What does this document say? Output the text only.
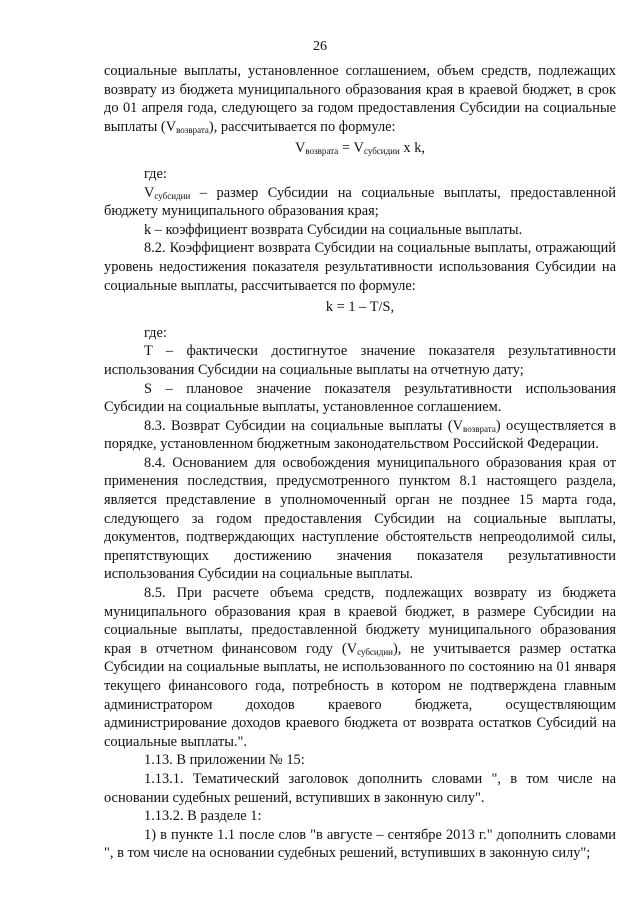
26

социальные выплаты, установленное соглашением, объем средств, подлежащих возврату из бюджета муниципального образования края в краевой бюджет, в срок до 01 апреля года, следующего за годом предоставления Субсидии на социальные выплаты $(V_{возврата})$, рассчитывается по формуле:

$V_{возврата} = V_{субсидии}$ x k,

где:

$V_{субсидии}$ – размер Субсидии на социальные выплаты, предоставленной бюджету муниципального образования края;

k – коэффициент возврата Субсидии на социальные выплаты.

8.2. Коэффициент возврата Субсидии на социальные выплаты, отражающий уровень недостижения показателя результативности использования Субсидии на социальные выплаты, рассчитывается по формуле:

k = 1 – T/S,

где:

T – фактически достигнутое значение показателя результативности использования Субсидии на социальные выплаты на отчетную дату;

S – плановое значение показателя результативности использования Субсидии на социальные выплаты, установленное соглашением.

8.3. Возврат Субсидии на социальные выплаты $(V_{возврата})$ осуществляется в порядке, установленном бюджетным законодательством Российской Федерации.

8.4. Основанием для освобождения муниципального образования края от применения последствия, предусмотренного пунктом 8.1 настоящего раздела, является представление в уполномоченный орган не позднее 15 марта года, следующего за годом предоставления Субсидии на социальные выплаты, документов, подтверждающих наступление обстоятельств непреодолимой силы, препятствующих достижению значения показателя результативности использования Субсидии на социальные выплаты.

8.5. При расчете объема средств, подлежащих возврату из бюджета муниципального образования края в краевой бюджет, в размере Субсидии на социальные выплаты, предоставленной бюджету муниципального образования края в отчетном финансовом году $(V_{субсидии})$, не учитывается размер остатка Субсидии на социальные выплаты, не использованного по состоянию на 01 января текущего финансового года, потребность в котором не подтверждена главным администратором доходов краевого бюджета, осуществляющим администрирование доходов краевого бюджета от возврата остатков Субсидий на социальные выплаты.".

1.13. В приложении № 15:

1.13.1. Тематический заголовок дополнить словами ", в том числе на основании судебных решений, вступивших в законную силу".

1.13.2. В разделе 1:

1) в пункте 1.1 после слов "в августе – сентябре 2013 г." дополнить словами ", в том числе на основании судебных решений, вступивших в законную силу";
